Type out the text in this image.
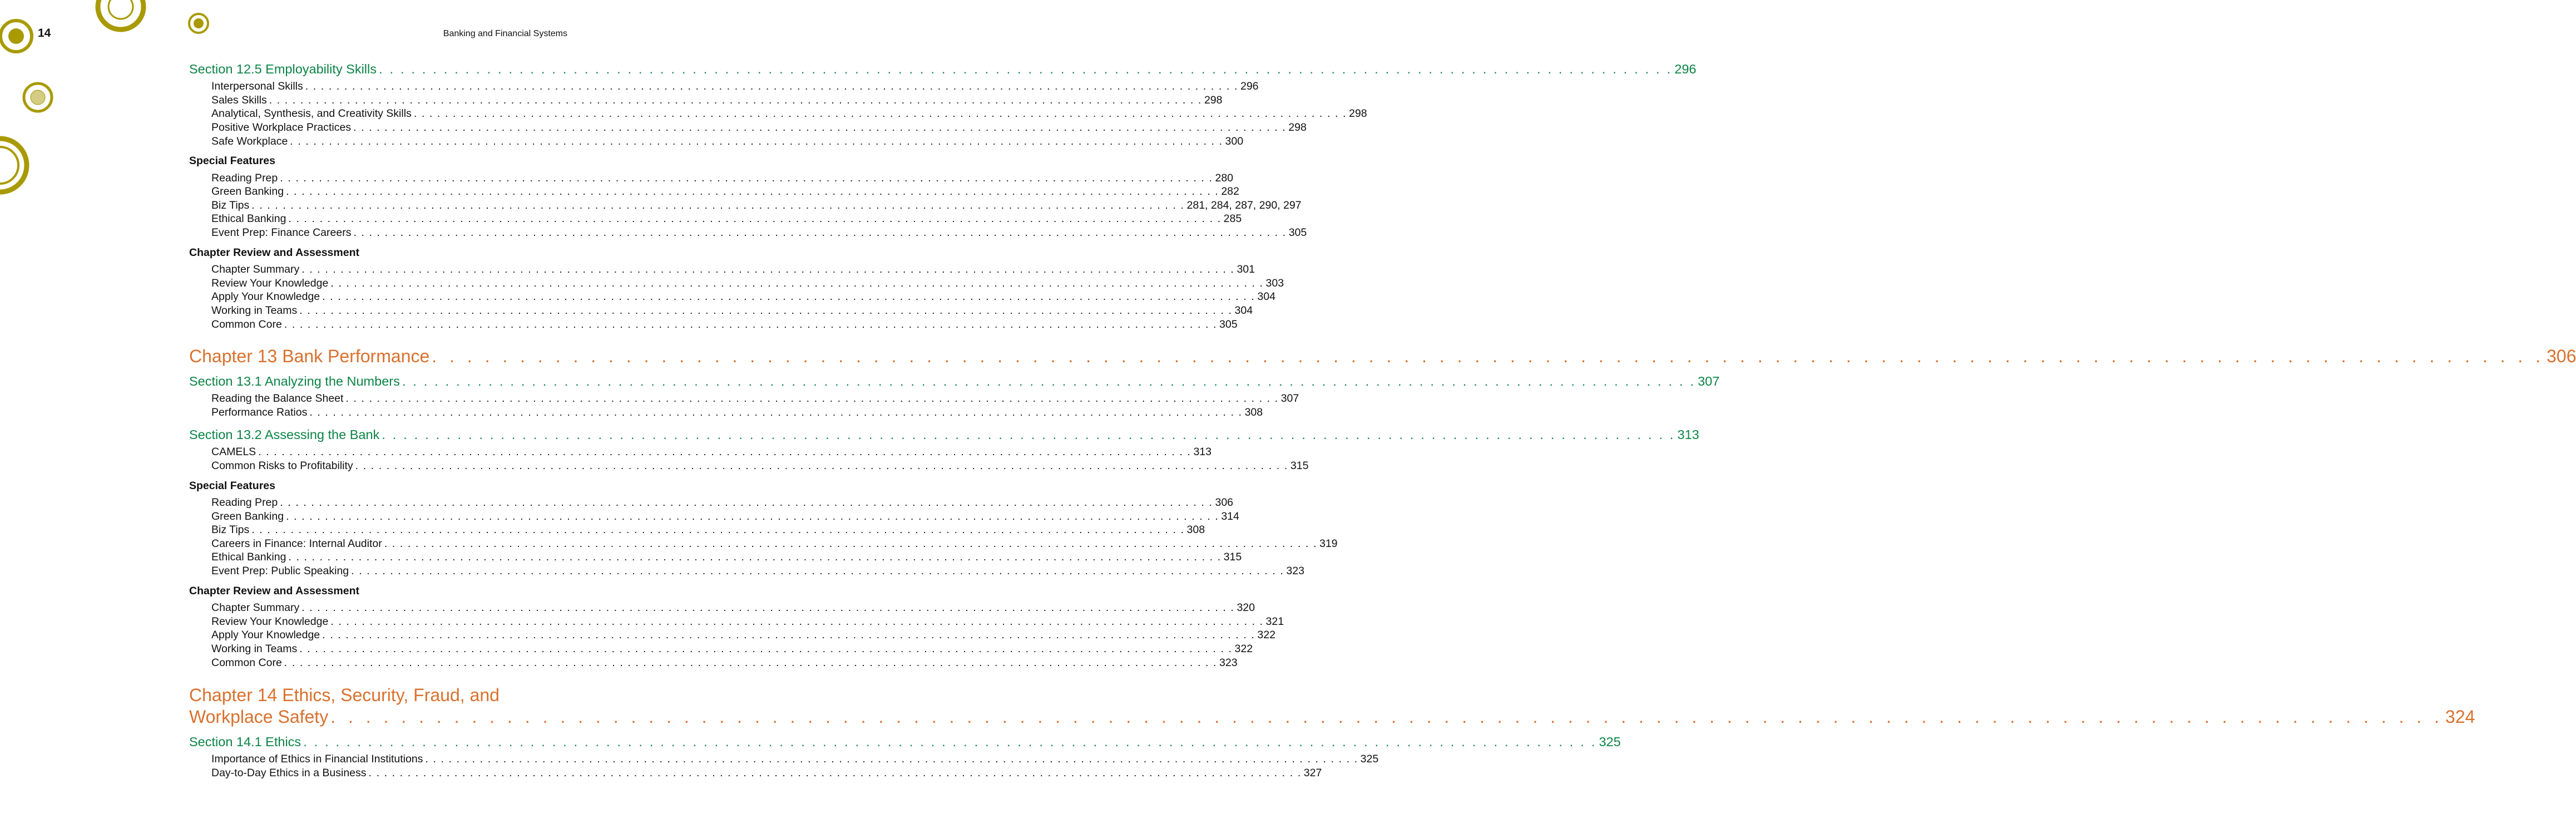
14	Banking and Financial Systems
Section 12.5 Employability Skills . . . . . . . . . . . . . . . . . . . . . . . . . . . . . . . . . . . . . . . . . . . . . . . . . . . . . . . . . . . . . . . . . . . . . . . . . . . . . . . . . . . . . . . . . . . . . . . . . . . . . . . . . . . . . . . . . . . . . . . . 296
Interpersonal Skills . . . . . . . . . . . . . . . . . . . . . . . . . . . . . . . . . . . . . . . . . . . . . . . . . . . . . . . . . . . . . . . . . . . . . . . . . . . . . . . . . . . . . . . . . . . . . . . . . . . . . . . . . . . . . . . . . . . . . . . . 296
Sales Skills . . . . . . . . . . . . . . . . . . . . . . . . . . . . . . . . . . . . . . . . . . . . . . . . . . . . . . . . . . . . . . . . . . . . . . . . . . . . . . . . . . . . . . . . . . . . . . . . . . . . . . . . . . . . . . . . . . . . . . . . 298
Analytical, Synthesis, and Creativity Skills . . . . . . . . . . . . . . . . . . . . . . . . . . . . . . . . . . . . . . . . . . . . . . . . . . . . . . . . . . . . . . . . . . . . . . . . . . . . . . . . . . . . . . . . . . . . . . . . . . . . . . . . . . . . . . . . . . . . . . . . 298
Positive Workplace Practices . . . . . . . . . . . . . . . . . . . . . . . . . . . . . . . . . . . . . . . . . . . . . . . . . . . . . . . . . . . . . . . . . . . . . . . . . . . . . . . . . . . . . . . . . . . . . . . . . . . . . . . . . . . . . . . . . . . . . . . . 298
Safe Workplace . . . . . . . . . . . . . . . . . . . . . . . . . . . . . . . . . . . . . . . . . . . . . . . . . . . . . . . . . . . . . . . . . . . . . . . . . . . . . . . . . . . . . . . . . . . . . . . . . . . . . . . . . . . . . . . . . . . . . . . . 300
Special Features
Reading Prep . . . . . . . . . . . . . . . . . . . . . . . . . . . . . . . . . . . . . . . . . . . . . . . . . . . . . . . . . . . . . . . . . . . . . . . . . . . . . . . . . . . . . . . . . . . . . . . . . . . . . . . . . . . . . . . . . . . . . . . . 280
Green Banking . . . . . . . . . . . . . . . . . . . . . . . . . . . . . . . . . . . . . . . . . . . . . . . . . . . . . . . . . . . . . . . . . . . . . . . . . . . . . . . . . . . . . . . . . . . . . . . . . . . . . . . . . . . . . . . . . . . . . . . . 282
Biz Tips . . . . . . . . . . . . . . . . . . . . . . . . . . . . . . . . . . . . . . . . . . . . . . . . . . . . . . . . . . . . . . . . . . . . . . . . . . . . . . . . . . . . . . . . . . . . . . . . . . . . . . . . . . . . . . . . . . . . . . . . 281, 284, 287, 290, 297
Ethical Banking . . . . . . . . . . . . . . . . . . . . . . . . . . . . . . . . . . . . . . . . . . . . . . . . . . . . . . . . . . . . . . . . . . . . . . . . . . . . . . . . . . . . . . . . . . . . . . . . . . . . . . . . . . . . . . . . . . . . . . . . 285
Event Prep: Finance Careers . . . . . . . . . . . . . . . . . . . . . . . . . . . . . . . . . . . . . . . . . . . . . . . . . . . . . . . . . . . . . . . . . . . . . . . . . . . . . . . . . . . . . . . . . . . . . . . . . . . . . . . . . . . . . . . . . . . . . . . . 305
Chapter Review and Assessment
Chapter Summary . . . . . . . . . . . . . . . . . . . . . . . . . . . . . . . . . . . . . . . . . . . . . . . . . . . . . . . . . . . . . . . . . . . . . . . . . . . . . . . . . . . . . . . . . . . . . . . . . . . . . . . . . . . . . . . . . . . . . . . . 301
Review Your Knowledge . . . . . . . . . . . . . . . . . . . . . . . . . . . . . . . . . . . . . . . . . . . . . . . . . . . . . . . . . . . . . . . . . . . . . . . . . . . . . . . . . . . . . . . . . . . . . . . . . . . . . . . . . . . . . . . . . . . . . . . . 303
Apply Your Knowledge . . . . . . . . . . . . . . . . . . . . . . . . . . . . . . . . . . . . . . . . . . . . . . . . . . . . . . . . . . . . . . . . . . . . . . . . . . . . . . . . . . . . . . . . . . . . . . . . . . . . . . . . . . . . . . . . . . . . . . . . 304
Working in Teams . . . . . . . . . . . . . . . . . . . . . . . . . . . . . . . . . . . . . . . . . . . . . . . . . . . . . . . . . . . . . . . . . . . . . . . . . . . . . . . . . . . . . . . . . . . . . . . . . . . . . . . . . . . . . . . . . . . . . . . . 304
Common Core . . . . . . . . . . . . . . . . . . . . . . . . . . . . . . . . . . . . . . . . . . . . . . . . . . . . . . . . . . . . . . . . . . . . . . . . . . . . . . . . . . . . . . . . . . . . . . . . . . . . . . . . . . . . . . . . . . . . . . . . 305
Chapter 13 Bank Performance . . . . . . . . . . . . . . . . . . . . . . . . . . . . . . . . . . . . . . . . . . . . . . . . . . . . . . . . . . . . . . . . . . . . . . . . . . . . . . . . . . . . . . . . . . . . . . . . . . . . . . . . . . . . . . . . . . . . . . . . 306
Section 13.1 Analyzing the Numbers . . . . . . . . . . . . . . . . . . . . . . . . . . . . . . . . . . . . . . . . . . . . . . . . . . . . . . . . . . . . . . . . . . . . . . . . . . . . . . . . . . . . . . . . . . . . . . . . . . . . . . . . . . . . . . . . . . . . . . . . 307
Reading the Balance Sheet . . . . . . . . . . . . . . . . . . . . . . . . . . . . . . . . . . . . . . . . . . . . . . . . . . . . . . . . . . . . . . . . . . . . . . . . . . . . . . . . . . . . . . . . . . . . . . . . . . . . . . . . . . . . . . . . . . . . . . . . 307
Performance Ratios . . . . . . . . . . . . . . . . . . . . . . . . . . . . . . . . . . . . . . . . . . . . . . . . . . . . . . . . . . . . . . . . . . . . . . . . . . . . . . . . . . . . . . . . . . . . . . . . . . . . . . . . . . . . . . . . . . . . . . . . 308
Section 13.2 Assessing the Bank . . . . . . . . . . . . . . . . . . . . . . . . . . . . . . . . . . . . . . . . . . . . . . . . . . . . . . . . . . . . . . . . . . . . . . . . . . . . . . . . . . . . . . . . . . . . . . . . . . . . . . . . . . . . . . . . . . . . . . . . 313
CAMELS . . . . . . . . . . . . . . . . . . . . . . . . . . . . . . . . . . . . . . . . . . . . . . . . . . . . . . . . . . . . . . . . . . . . . . . . . . . . . . . . . . . . . . . . . . . . . . . . . . . . . . . . . . . . . . . . . . . . . . . . 313
Common Risks to Profitability . . . . . . . . . . . . . . . . . . . . . . . . . . . . . . . . . . . . . . . . . . . . . . . . . . . . . . . . . . . . . . . . . . . . . . . . . . . . . . . . . . . . . . . . . . . . . . . . . . . . . . . . . . . . . . . . . . . . . . . . 315
Special Features
Reading Prep . . . . . . . . . . . . . . . . . . . . . . . . . . . . . . . . . . . . . . . . . . . . . . . . . . . . . . . . . . . . . . . . . . . . . . . . . . . . . . . . . . . . . . . . . . . . . . . . . . . . . . . . . . . . . . . . . . . . . . . . 306
Green Banking . . . . . . . . . . . . . . . . . . . . . . . . . . . . . . . . . . . . . . . . . . . . . . . . . . . . . . . . . . . . . . . . . . . . . . . . . . . . . . . . . . . . . . . . . . . . . . . . . . . . . . . . . . . . . . . . . . . . . . . . 314
Biz Tips . . . . . . . . . . . . . . . . . . . . . . . . . . . . . . . . . . . . . . . . . . . . . . . . . . . . . . . . . . . . . . . . . . . . . . . . . . . . . . . . . . . . . . . . . . . . . . . . . . . . . . . . . . . . . . . . . . . . . . . . 308
Careers in Finance: Internal Auditor . . . . . . . . . . . . . . . . . . . . . . . . . . . . . . . . . . . . . . . . . . . . . . . . . . . . . . . . . . . . . . . . . . . . . . . . . . . . . . . . . . . . . . . . . . . . . . . . . . . . . . . . . . . . . . . . . . . . . . . . 319
Ethical Banking . . . . . . . . . . . . . . . . . . . . . . . . . . . . . . . . . . . . . . . . . . . . . . . . . . . . . . . . . . . . . . . . . . . . . . . . . . . . . . . . . . . . . . . . . . . . . . . . . . . . . . . . . . . . . . . . . . . . . . . . 315
Event Prep: Public Speaking . . . . . . . . . . . . . . . . . . . . . . . . . . . . . . . . . . . . . . . . . . . . . . . . . . . . . . . . . . . . . . . . . . . . . . . . . . . . . . . . . . . . . . . . . . . . . . . . . . . . . . . . . . . . . . . . . . . . . . . . 323
Chapter Review and Assessment
Chapter Summary . . . . . . . . . . . . . . . . . . . . . . . . . . . . . . . . . . . . . . . . . . . . . . . . . . . . . . . . . . . . . . . . . . . . . . . . . . . . . . . . . . . . . . . . . . . . . . . . . . . . . . . . . . . . . . . . . . . . . . . . 320
Review Your Knowledge . . . . . . . . . . . . . . . . . . . . . . . . . . . . . . . . . . . . . . . . . . . . . . . . . . . . . . . . . . . . . . . . . . . . . . . . . . . . . . . . . . . . . . . . . . . . . . . . . . . . . . . . . . . . . . . . . . . . . . . . 321
Apply Your Knowledge . . . . . . . . . . . . . . . . . . . . . . . . . . . . . . . . . . . . . . . . . . . . . . . . . . . . . . . . . . . . . . . . . . . . . . . . . . . . . . . . . . . . . . . . . . . . . . . . . . . . . . . . . . . . . . . . . . . . . . . . 322
Working in Teams . . . . . . . . . . . . . . . . . . . . . . . . . . . . . . . . . . . . . . . . . . . . . . . . . . . . . . . . . . . . . . . . . . . . . . . . . . . . . . . . . . . . . . . . . . . . . . . . . . . . . . . . . . . . . . . . . . . . . . . . 322
Common Core . . . . . . . . . . . . . . . . . . . . . . . . . . . . . . . . . . . . . . . . . . . . . . . . . . . . . . . . . . . . . . . . . . . . . . . . . . . . . . . . . . . . . . . . . . . . . . . . . . . . . . . . . . . . . . . . . . . . . . . . 323
Chapter 14 Ethics, Security, Fraud, and
Workplace Safety . . . . . . . . . . . . . . . . . . . . . . . . . . . . . . . . . . . . . . . . . . . . . . . . . . . . . . . . . . . . . . . . . . . . . . . . . . . . . . . . . . . . . . . . . . . . . . . . . . . . . . . . . . . . . . . . . . . . . . . . 324
Section 14.1 Ethics . . . . . . . . . . . . . . . . . . . . . . . . . . . . . . . . . . . . . . . . . . . . . . . . . . . . . . . . . . . . . . . . . . . . . . . . . . . . . . . . . . . . . . . . . . . . . . . . . . . . . . . . . . . . . . . . . . . . . . . . 325
Importance of Ethics in Financial Institutions . . . . . . . . . . . . . . . . . . . . . . . . . . . . . . . . . . . . . . . . . . . . . . . . . . . . . . . . . . . . . . . . . . . . . . . . . . . . . . . . . . . . . . . . . . . . . . . . . . . . . . . . . . . . . . . . . . . . . . . . 325
Day-to-Day Ethics in a Business . . . . . . . . . . . . . . . . . . . . . . . . . . . . . . . . . . . . . . . . . . . . . . . . . . . . . . . . . . . . . . . . . . . . . . . . . . . . . . . . . . . . . . . . . . . . . . . . . . . . . . . . . . . . . . . . . . . . . . . . 327
